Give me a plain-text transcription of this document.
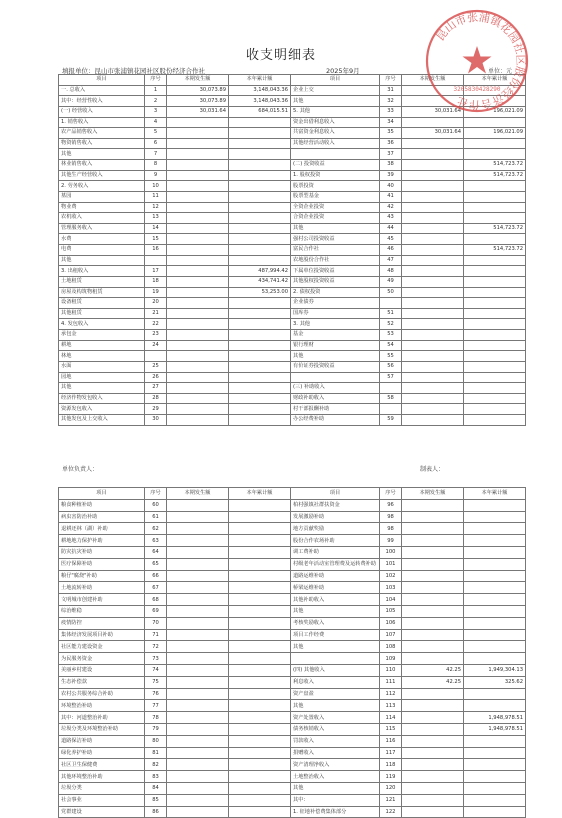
收支明细表
填报单位：昆山市张浦镇花园社区股份经济合作社	2025年9月	单位：元
项目	序号	本期发生额	本年累计额	项目	序号	本期发生额	本年累计额
一. 总收入	1	30,073.89	3,148,043.36	企业上交	31		
其中：经营性收入	2	30,073.89	3,148,043.36	其他	32		
(一) 经营收入	3	30,031.64	684,015.51	5. 其他	33	30,031.64	196,021.09
1. 销售收入	4			资金出借利息收入	34		
农产品销售收入	5			共富资金利息收入	35	30,031.64	196,021.09
物资销售收入	6			其他经营活动收入	36		
其他	7				37		
林业销售收入	8			(二) 投资收益	38		514,723.72
其他生产经营收入	9			1. 股权投资	39		514,723.72
2. 劳务收入	10			股票投资	40		
墓园	11			股票型基金	41		
物业费	12			全资企业投资	42		
农机收入	13			合资企业投资	43		
管理服务收入	14			其他	44		514,723.72
水费	15			强村公司投资收益	45		
电费	16			富民合作社	46		514,723.72
其他				农地股份合作社	47		
3. 出租收入	17		487,994.42	下属单位投资收益	48		
土地租赁	18		434,741.42	其他股权投资收益	49		
房屋及构筑物租赁	19		53,253.00	2. 债权投资	50		
设备租赁	20			企业债券			
其他租赁	21			国库券	51		
4. 发包收入	22			3. 其他	52		
承包金	23			基金	53		
耕地	24			银行理财	54		
林地				其他	55		
水面	25			有价证券投资收益	56		
园地	26				57		
其他	27			(三) 补助收入			
经济作物发包收入	28			财政补助收入	58		
资源发包收入	29			村干部报酬补助			
其他发包及上交收入	30			办公经费补助	59		
单位负责人：	制表人：
项目	序号	本期发生额	本年累计额	项目	序号	本期发生额	本年累计额
粮食种植补助	60			柏村强镇社群扶资金	96		
病虫害防治补助	61			发展激励补助	98		
退耕还林（湖）补助	62			地方贡献奖励	98		
耕地地力保护补助	63			股份合作农场补助	99		
防灾抗灾补助	64			调工费补助	100		
医疗保障补助	65			村级老年活动室管理费及运转费补助	101		
粮仔"腐烧"补助	66			道路运维补助	102		
土地流转补助	67			桥梁运维补助	103		
文明城市创建补助	68			其他补助收入	104		
综治维稳	69			其他	105		
疫情防控	70			考核奖励收入	106		
集体经济发展项目补助	71			项目工作经费	107		
社区能力建设资金	72			其他	108		
为民服务资金	73				109		
美丽乡村建设	74			(四) 其他收入	110	42.25	1,949,304.13
生态补偿款	75			利息收入	111	42.25	325.62
农村公共服务综合补助	76			资产盘盈	112		
环境整治补助	77			其他	113		
其中：河道整治补助	78			资产处置收入	114		1,948,978.51
垃圾分类及环境整治补助	79			债务核销收入	115		1,948,978.51
道路保洁补助	80			罚款收入	116		
绿化养护补助	81			捐赠收入	117		
社区卫生保健费	82			资产清理净收入	118		
其他环境整治补助	83			土地整治收入	119		
垃圾分类	84			其他	120		
社会事业	85			其中：	121		
党群建设	86			1. 征地补偿费集体部分	122		
昆山市张浦镇花园社区股份经济合作社
3205830428290
